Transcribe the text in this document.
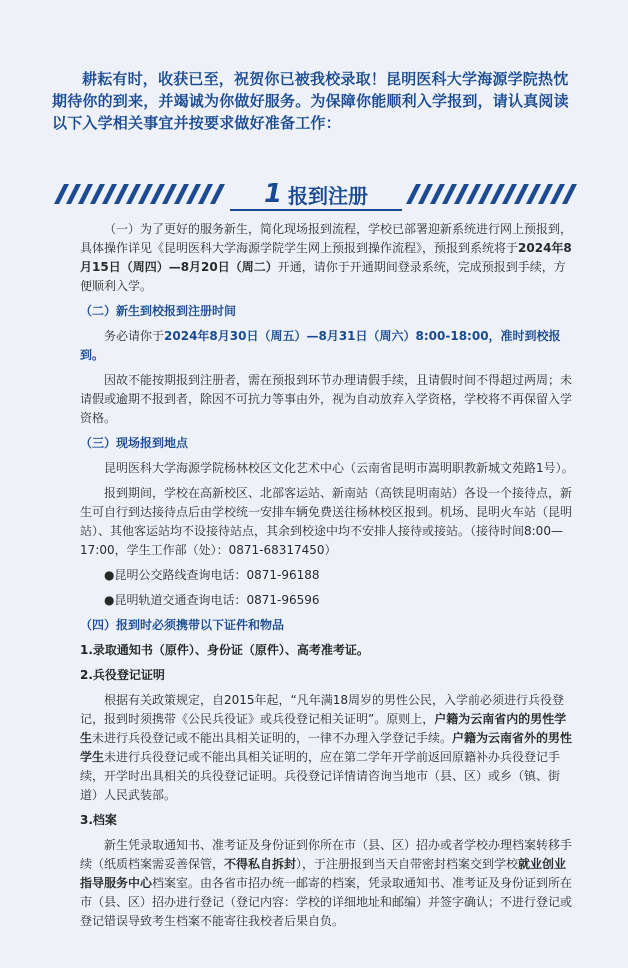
耕耘有时，收获已至，祝贺你已被我校录取！昆明医科大学海源学院热忱期待你的到来，并竭诚为你做好服务。为保障你能顺利入学报到，请认真阅读以下入学相关事宜并按要求做好准备工作：
1 报到注册

（一）为了更好的服务新生，简化现场报到流程，学校已部署迎新系统进行网上预报到，具体操作详见《昆明医科大学海源学院学生网上预报到操作流程》，预报到系统将于2024年8月15日（周四）—8月20日（周二）开通，请你于开通期间登录系统，完成预报到手续，方便顺利入学。

（二）新生到校报到注册时间

务必请你于2024年8月30日（周五）—8月31日（周六）8:00-18:00，准时到校报到。

因故不能按期报到注册者，需在预报到环节办理请假手续，且请假时间不得超过两周；未请假或逾期不报到者，除因不可抗力等事由外，视为自动放弃入学资格，学校将不再保留入学资格。

（三）现场报到地点

昆明医科大学海源学院杨林校区文化艺术中心（云南省昆明市嵩明职教新城文苑路1号）。

报到期间，学校在高新校区、北部客运站、新南站（高铁昆明南站）各设一个接待点，新生可自行到达接待点后由学校统一安排车辆免费送往杨林校区报到。机场、昆明火车站（昆明站）、其他客运站均不设接待站点，其余到校途中均不安排人接待或接站。（接待时间8:00—17:00，学生工作部（处）：0871-68317450）

●昆明公交路线查询电话：0871-96188

●昆明轨道交通查询电话：0871-96596

（四）报到时必须携带以下证件和物品
1.录取通知书（原件）、身份证（原件）、高考准考证。
2.兵役登记证明

根据有关政策规定，自2015年起，“凡年满18周岁的男性公民，入学前必须进行兵役登记，报到时须携带《公民兵役证》或兵役登记相关证明”。原则上，户籍为云南省内的男性学生未进行兵役登记或不能出具相关证明的，一律不办理入学登记手续。户籍为云南省外的男性学生未进行兵役登记或不能出具相关证明的，应在第二学年开学前返回原籍补办兵役登记手续，开学时出具相关的兵役登记证明。兵役登记详情请咨询当地市（县、区）或乡（镇、街道）人民武装部。

3.档案

新生凭录取通知书、准考证及身份证到你所在市（县、区）招办或者学校办理档案转移手续（纸质档案需妥善保管，不得私自拆封），于注册报到当天自带密封档案交到学校就业创业指导服务中心档案室。由各省市招办统一邮寄的档案，凭录取通知书、准考证及身份证到所在市（县、区）招办进行登记（登记内容：学校的详细地址和邮编）并签字确认；不进行登记或登记错误导致考生档案不能寄往我校者后果自负。
